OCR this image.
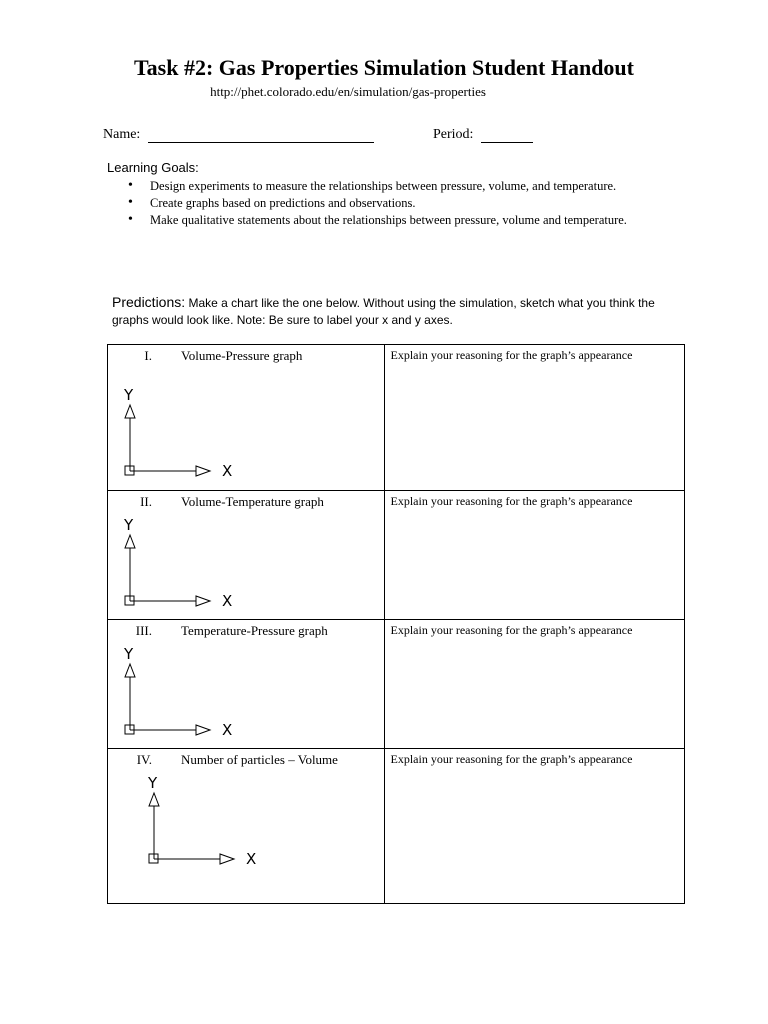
Task #2: Gas Properties Simulation Student Handout
http://phet.colorado.edu/en/simulation/gas-properties
Name:	Period:
Learning Goals:
• Design experiments to measure the relationships between pressure, volume, and temperature.
• Create graphs based on predictions and observations.
• Make qualitative statements about the relationships between pressure, volume and temperature.
Predictions: Make a chart like the one below. Without using the simulation, sketch what you think the graphs would look like. Note: Be sure to label your x and y axes.
I. Volume-Pressure graph
Y
X	Explain your reasoning for the graph’s appearance

II. Volume-Temperature graph
Y
X	Explain your reasoning for the graph’s appearance

III. Temperature-Pressure graph
Y
X	Explain your reasoning for the graph’s appearance

IV. Number of particles – Volume
Y
X	Explain your reasoning for the graph’s appearance
